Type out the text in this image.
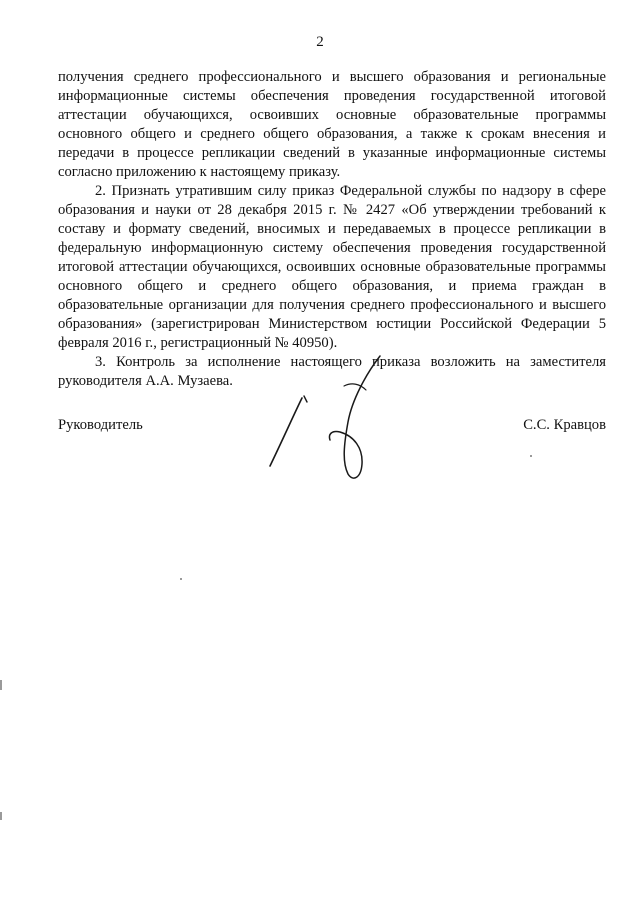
2

получения среднего профессионального и высшего образования и региональные информационные системы обеспечения проведения государственной итоговой аттестации обучающихся, освоивших основные образовательные программы основного общего и среднего общего образования, а также к срокам внесения и передачи в процессе репликации сведений в указанные информационные системы согласно приложению к настоящему приказу.

2. Признать утратившим силу приказ Федеральной службы по надзору в сфере образования и науки от 28 декабря 2015 г. № 2427 «Об утверждении требований к составу и формату сведений, вносимых и передаваемых в процессе репликации в федеральную информационную систему обеспечения проведения государственной итоговой аттестации обучающихся, освоивших основные образовательные программы основного общего и среднего общего образования, и приема граждан в образовательные организации для получения среднего профессионального и высшего образования» (зарегистрирован Министерством юстиции Российской Федерации 5 февраля 2016 г., регистрационный № 40950).

3. Контроль за исполнение настоящего приказа возложить на заместителя руководителя А.А. Музаева.

Руководитель	С.С. Кравцов
